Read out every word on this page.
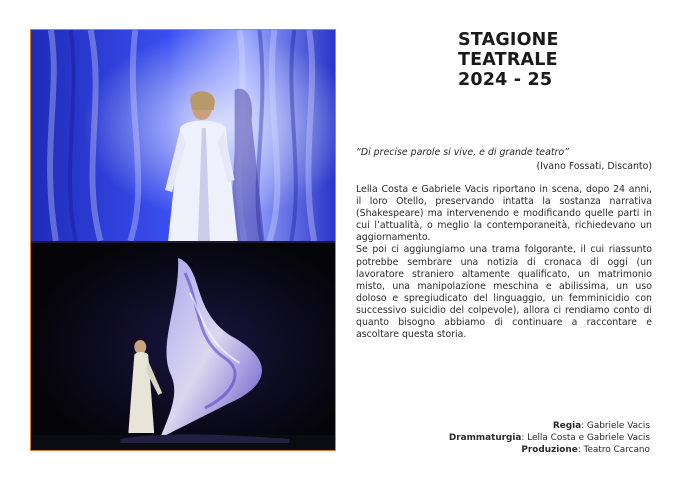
STAGIONE
TEATRALE
2024 - 25
“Di precise parole si vive, e di grande teatro”
(Ivano Fossati, Discanto)

Lella Costa e Gabriele Vacis riportano in scena, dopo 24 anni, il loro Otello, preservando intatta la sostanza narrativa (Shakespeare) ma intervenendo e modificando quelle parti in cui l’attualità, o meglio la contemporaneità, richiedevano un aggiornamento.

Se poi ci aggiungiamo una trama folgorante, il cui riassunto potrebbe sembrare una notizia di cronaca di oggi (un lavoratore straniero altamente qualificato, un matrimonio misto, una manipolazione meschina e abilissima, un uso doloso e spregiudicato del linguaggio, un femminicidio con successivo suicidio del colpevole), allora ci rendiamo conto di quanto bisogno abbiamo di continuare a raccontare e ascoltare questa storia.

Regia: Gabriele Vacis
Drammaturgia: Lella Costa e Gabriele Vacis
Produzione: Teatro Carcano
